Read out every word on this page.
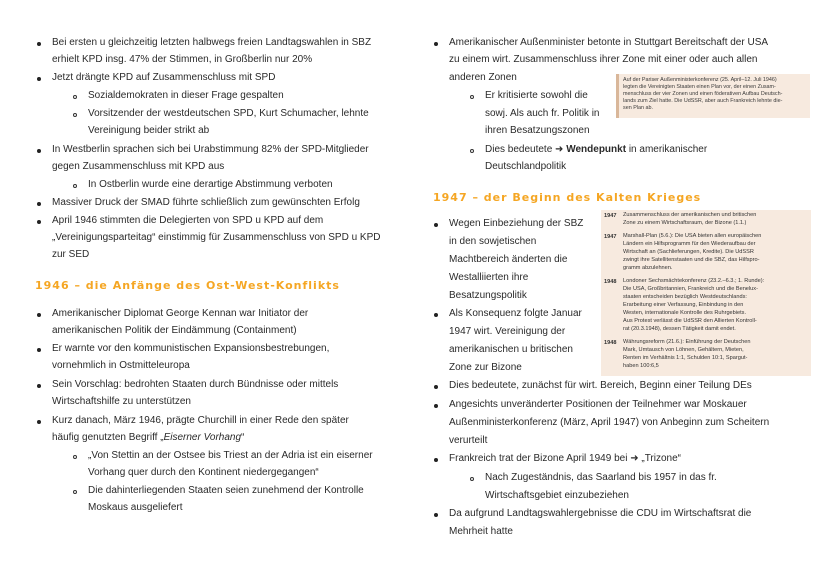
Bei ersten u gleichzeitig letzten halbwegs freien Landtagswahlen in SBZ
erhielt KPD insg. 47% der Stimmen, in Großberlin nur 20%
Jetzt drängte KPD auf Zusammenschluss mit SPD
Sozialdemokraten in dieser Frage gespalten
Vorsitzender der westdeutschen SPD, Kurt Schumacher, lehnte
Vereinigung beider strikt ab
In Westberlin sprachen sich bei Urabstimmung 82% der SPD-Mitglieder
gegen Zusammenschluss mit KPD aus
In Ostberlin wurde eine derartige Abstimmung verboten
Massiver Druck der SMAD führte schließlich zum gewünschten Erfolg
April 1946 stimmten die Delegierten von SPD u KPD auf dem
„Vereinigungsparteitag“ einstimmig für Zusammenschluss von SPD u KPD
zur SED
1946 – die Anfänge des Ost-West-Konflikts
Amerikanischer Diplomat George Kennan war Initiator der
amerikanischen Politik der Eindämmung (Containment)
Er warnte vor den kommunistischen Expansionsbestrebungen,
vornehmlich in Ostmitteleuropa
Sein Vorschlag: bedrohten Staaten durch Bündnisse oder mittels
Wirtschaftshilfe zu unterstützen
Kurz danach, März 1946, prägte Churchill in einer Rede den später
häufig genutzten Begriff „Eiserner Vorhang“
„Von Stettin an der Ostsee bis Triest an der Adria ist ein eiserner
Vorhang quer durch den Kontinent niedergegangen“
Die dahinterliegenden Staaten seien zunehmend der Kontrolle
Moskaus ausgeliefert
Amerikanischer Außenminister betonte in Stuttgart Bereitschaft der USA
zu einem wirt. Zusammenschluss ihrer Zone mit einer oder auch allen
anderen Zonen
Er kritisierte sowohl die
sowj. Als auch fr. Politik in
ihren Besatzungszonen
Auf der Pariser Außenministerkonferenz (25. April–12. Juli 1946)
legten die Vereinigten Staaten einen Plan vor, der einen Zusam-
menschluss der vier Zonen und einen föderativen Aufbau Deutsch-
lands zum Ziel hatte. Die UdSSR, aber auch Frankreich lehnte die-
sen Plan ab.
Dies bedeutete ➜ Wendepunkt in amerikanischer
Deutschlandpolitik
1947 – der Beginn des Kalten Krieges
Wegen Einbeziehung der SBZ
in den sowjetischen
Machtbereich änderten die
Westalliierten ihre
Besatzungspolitik
Als Konsequenz folgte Januar
1947 wirt. Vereinigung der
amerikanischen u britischen
Zone zur Bizone
1947 Zusammenschluss der amerikanischen und britischen
Zone zu einem Wirtschaftsraum, der Bizone (1.1.)
1947 Marshall-Plan (5.6.): Die USA bieten allen europäischen
Ländern ein Hilfsprogramm für den Wiederaufbau der
Wirtschaft an (Sachlieferungen, Kredite). Die UdSSR
zwingt ihre Satellitenstaaten und die SBZ, das Hilfspro-
gramm abzulehnen.
1948 Londoner Sechsmächtekonferenz (23.2.–6.3.; 1. Runde):
Die USA, Großbritannien, Frankreich und die Benelux-
staaten entscheiden bezüglich Westdeutschlands:
Erarbeitung einer Verfassung, Einbindung in den
Westen, internationale Kontrolle des Ruhrgebiets.
Aus Protest verlässt die UdSSR den Allierten Kontroll-
rat (20.3.1948), dessen Tätigkeit damit endet.
1948 Währungsreform (21.6.): Einführung der Deutschen
Mark, Umtausch von Löhnen, Gehältern, Mieten,
Renten im Verhältnis 1:1, Schulden 10:1, Spargut-
haben 100:6,5
Dies bedeutete, zunächst für wirt. Bereich, Beginn einer Teilung DEs
Angesichts unveränderter Positionen der Teilnehmer war Moskauer
Außenministerkonferenz (März, April 1947) von Anbeginn zum Scheitern
verurteilt
Frankreich trat der Bizone April 1949 bei ➜ „Trizone“
Nach Zugeständnis, das Saarland bis 1957 in das fr.
Wirtschaftsgebiet einzubeziehen
Da aufgrund Landtagswahlergebnisse die CDU im Wirtschaftsrat die
Mehrheit hatte
